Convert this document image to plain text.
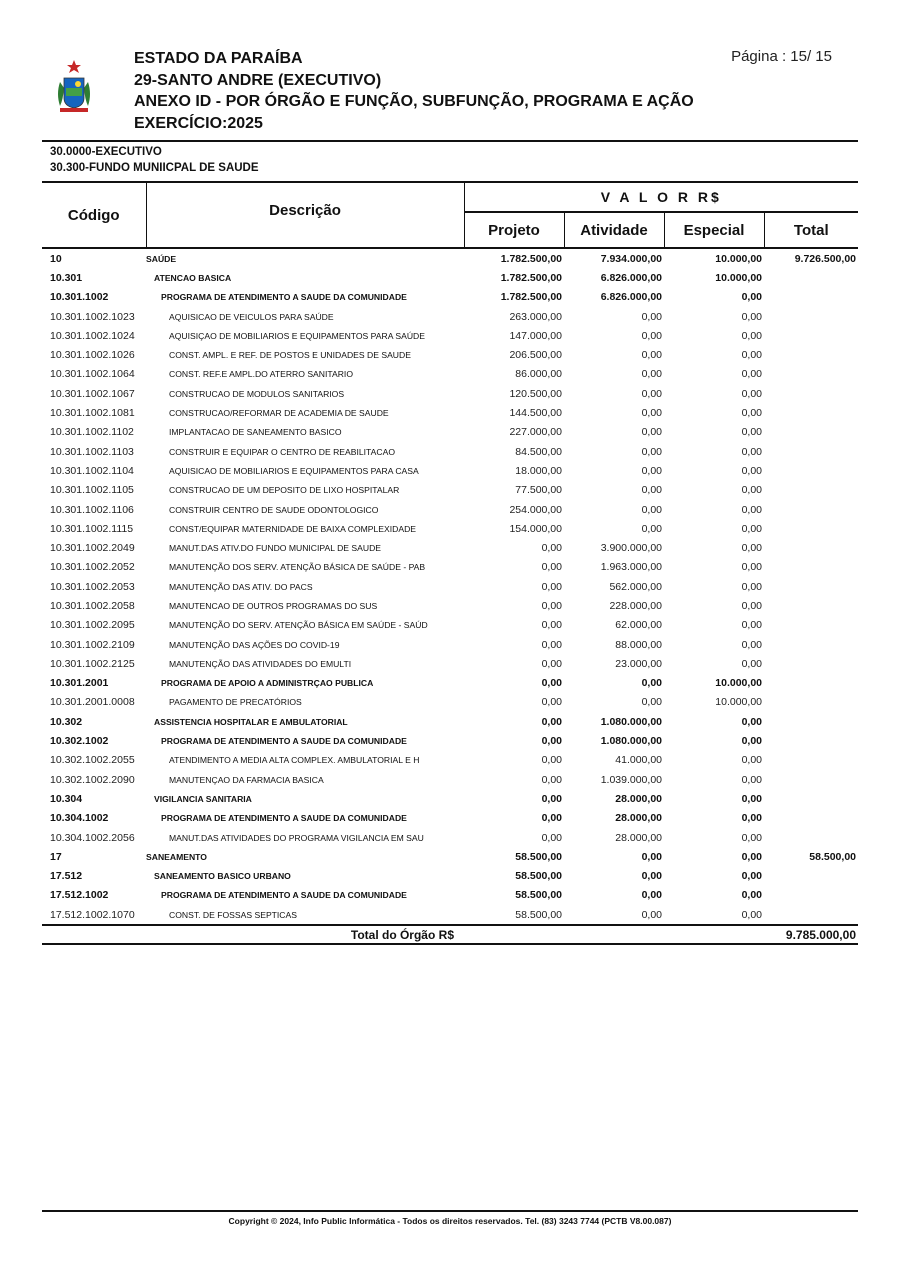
ESTADO DA PARAÍBA
29-SANTO ANDRE (EXECUTIVO)
ANEXO ID - POR ÓRGÃO E FUNÇÃO, SUBFUNÇÃO, PROGRAMA E AÇÃO
EXERCÍCIO:2025
Página : 15/ 15
30.0000-EXECUTIVO
30.300-FUNDO MUNIICPAL DE SAUDE
Código	Descrição	V A L O R R$			
		Projeto	Atividade	Especial	Total
10	SAÚDE	1.782.500,00	7.934.000,00	10.000,00	9.726.500,00
10.301	ATENCAO BASICA	1.782.500,00	6.826.000,00	10.000,00	
10.301.1002	PROGRAMA DE ATENDIMENTO A SAUDE DA COMUNIDADE	1.782.500,00	6.826.000,00	0,00	
10.301.1002.1023	AQUISICAO DE VEICULOS PARA SAÚDE	263.000,00	0,00	0,00	
10.301.1002.1024	AQUISIÇAO DE MOBILIARIOS E EQUIPAMENTOS PARA SAÚDE	147.000,00	0,00	0,00	
10.301.1002.1026	CONST. AMPL. E REF. DE POSTOS E UNIDADES DE SAUDE	206.500,00	0,00	0,00	
10.301.1002.1064	CONST. REF.E AMPL.DO ATERRO SANITARIO	86.000,00	0,00	0,00	
10.301.1002.1067	CONSTRUCAO DE MODULOS SANITARIOS	120.500,00	0,00	0,00	
10.301.1002.1081	CONSTRUCAO/REFORMAR DE ACADEMIA DE SAUDE	144.500,00	0,00	0,00	
10.301.1002.1102	IMPLANTACAO DE SANEAMENTO BASICO	227.000,00	0,00	0,00	
10.301.1002.1103	CONSTRUIR E EQUIPAR O CENTRO DE REABILITACAO	84.500,00	0,00	0,00	
10.301.1002.1104	AQUISICAO DE MOBILIARIOS E EQUIPAMENTOS PARA CASA	18.000,00	0,00	0,00	
10.301.1002.1105	CONSTRUCAO DE UM DEPOSITO DE LIXO HOSPITALAR	77.500,00	0,00	0,00	
10.301.1002.1106	CONSTRUIR CENTRO DE SAUDE ODONTOLOGICO	254.000,00	0,00	0,00	
10.301.1002.1115	CONST/EQUIPAR MATERNIDADE DE BAIXA COMPLEXIDADE	154.000,00	0,00	0,00	
10.301.1002.2049	MANUT.DAS ATIV.DO FUNDO MUNICIPAL DE SAUDE	0,00	3.900.000,00	0,00	
10.301.1002.2052	MANUTENÇÃO DOS SERV. ATENÇÃO BÁSICA DE SAÚDE - PAB	0,00	1.963.000,00	0,00	
10.301.1002.2053	MANUTENÇÃO DAS ATIV. DO PACS	0,00	562.000,00	0,00	
10.301.1002.2058	MANUTENCAO DE OUTROS PROGRAMAS DO SUS	0,00	228.000,00	0,00	
10.301.1002.2095	MANUTENÇÃO DO SERV. ATENÇÃO BÁSICA EM SAÚDE - SAÚD	0,00	62.000,00	0,00	
10.301.1002.2109	MANUTENÇÃO DAS AÇÕES DO COVID-19	0,00	88.000,00	0,00	
10.301.1002.2125	MANUTENÇÃO DAS ATIVIDADES DO EMULTI	0,00	23.000,00	0,00	
10.301.2001	PROGRAMA DE APOIO A ADMINISTRÇAO PUBLICA	0,00	0,00	10.000,00	
10.301.2001.0008	PAGAMENTO DE PRECATÓRIOS	0,00	0,00	10.000,00	
10.302	ASSISTENCIA HOSPITALAR E AMBULATORIAL	0,00	1.080.000,00	0,00	
10.302.1002	PROGRAMA DE ATENDIMENTO A SAUDE DA COMUNIDADE	0,00	1.080.000,00	0,00	
10.302.1002.2055	ATENDIMENTO A MEDIA ALTA COMPLEX. AMBULATORIAL E H	0,00	41.000,00	0,00	
10.302.1002.2090	MANUTENÇAO DA FARMACIA BASICA	0,00	1.039.000,00	0,00	
10.304	VIGILANCIA SANITARIA	0,00	28.000,00	0,00	
10.304.1002	PROGRAMA DE ATENDIMENTO A SAUDE DA COMUNIDADE	0,00	28.000,00	0,00	
10.304.1002.2056	MANUT.DAS ATIVIDADES DO PROGRAMA VIGILANCIA EM SAU	0,00	28.000,00	0,00	
17	SANEAMENTO	58.500,00	0,00	0,00	58.500,00
17.512	SANEAMENTO BASICO URBANO	58.500,00	0,00	0,00	
17.512.1002	PROGRAMA DE ATENDIMENTO A SAUDE DA COMUNIDADE	58.500,00	0,00	0,00	
17.512.1002.1070	CONST. DE FOSSAS SEPTICAS	58.500,00	0,00	0,00	
Total do Órgão R$					9.785.000,00
Copyright © 2024, Info Public Informática - Todos os direitos reservados. Tel. (83) 3243 7744 (PCTB V8.00.087)
